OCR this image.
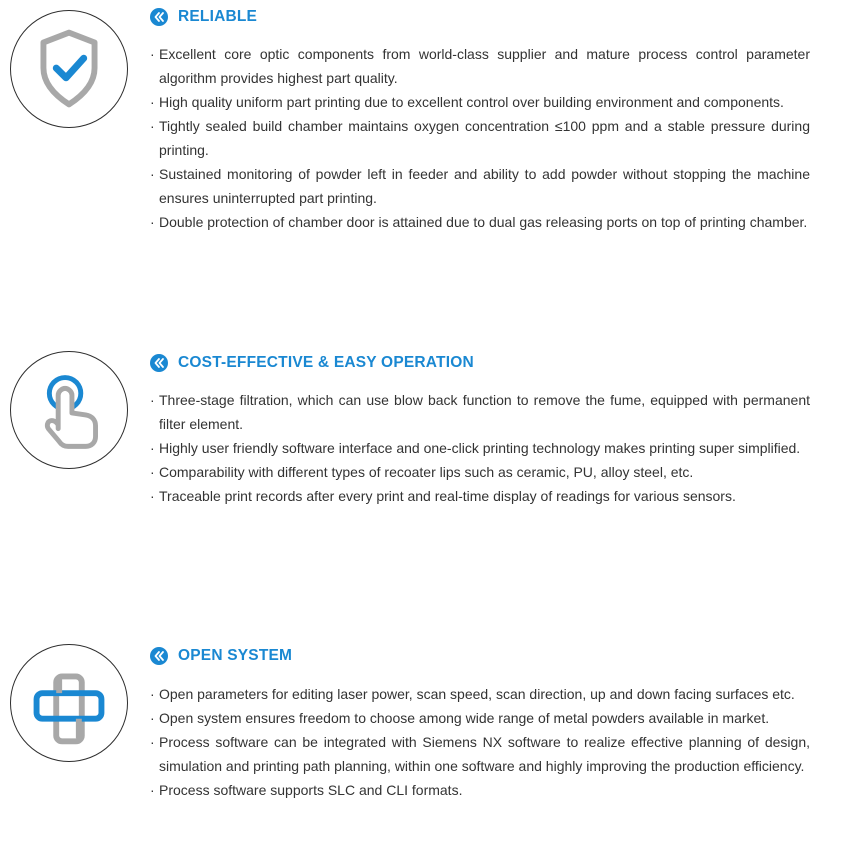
RELIABLE
· Excellent core optic components from world-class supplier and mature process control parameter algorithm provides highest part quality.
· High quality uniform part printing due to excellent control over building environment and components.
· Tightly sealed build chamber maintains oxygen concentration ≤100 ppm and a stable pressure during printing.
· Sustained monitoring of powder left in feeder and ability to add powder without stopping the machine ensures uninterrupted part printing.
· Double protection of chamber door is attained due to dual gas releasing ports on top of printing chamber.
COST-EFFECTIVE & EASY OPERATION
· Three-stage filtration, which can use blow back function to remove the fume, equipped with permanent filter element.
· Highly user friendly software interface and one-click printing technology makes printing super simplified.
· Comparability with different types of recoater lips such as ceramic, PU, alloy steel, etc.
· Traceable print records after every print and real-time display of readings for various sensors.
OPEN SYSTEM
· Open parameters for editing laser power, scan speed, scan direction, up and down facing surfaces etc.
· Open system ensures freedom to choose among wide range of metal powders available in market.
· Process software can be integrated with Siemens NX software to realize effective planning of design, simulation and printing path planning, within one software and highly improving the production efficiency.
· Process software supports SLC and CLI formats.
